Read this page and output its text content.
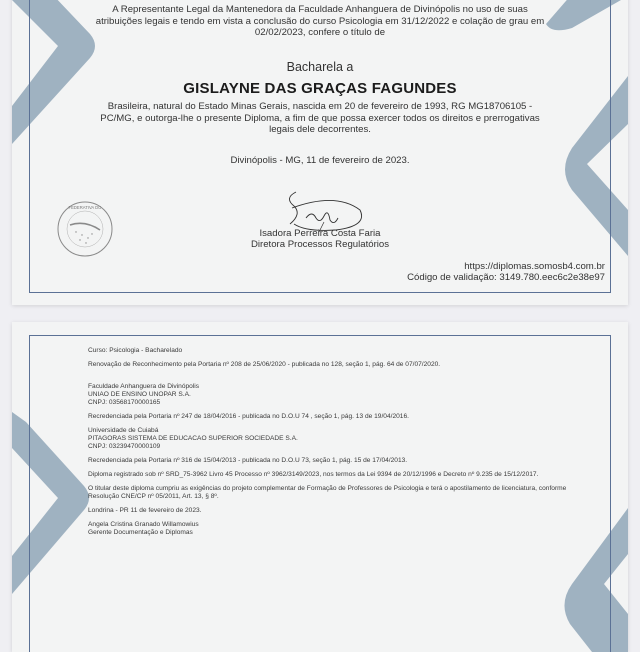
A Representante Legal da Mantenedora da Faculdade Anhanguera de Divinópolis no uso de suas atribuições legais e tendo em vista a conclusão do curso Psicologia em 31/12/2022 e colação de grau em 02/02/2023, confere o título de
Bacharela a
GISLAYNE DAS GRAÇAS FAGUNDES
Brasileira, natural do Estado Minas Gerais, nascida em 20 de fevereiro de 1993, RG MG18706105 - PC/MG, e outorga-lhe o presente Diploma, a fim de que possa exercer todos os direitos e prerrogativas legais dele decorrentes.
Divinópolis - MG, 11 de fevereiro de 2023.
FEDERATIVA DO
Isadora Perreira Costa Faria
Diretora Processos Regulatórios
https://diplomas.somosb4.com.br
Código de validação: 3149.780.eec6c2e38e97

Curso: Psicologia - Bacharelado

Renovação de Reconhecimento pela Portaria nº 208 de 25/06/2020 - publicada no 128, seção 1, pág. 64 de 07/07/2020.

Faculdade Anhanguera de Divinópolis
UNIAO DE ENSINO UNOPAR S.A.
CNPJ: 03568170000165

Recredenciada pela Portaria nº 247 de 18/04/2016 - publicada no D.O.U 74 , seção 1, pág. 13 de 19/04/2016.

Universidade de Cuiabá
PITAGORAS SISTEMA DE EDUCACAO SUPERIOR SOCIEDADE S.A.
CNPJ: 03239470000109

Recredenciada pela Portaria nº 316 de 15/04/2013 - publicada no D.O.U 73, seção 1, pág. 15 de 17/04/2013.

Diploma registrado sob nº SRD_75-3962 Livro 45 Processo nº 3962/3149/2023, nos termos da Lei 9394 de 20/12/1996 e Decreto nº 9.235 de 15/12/2017.

O titular deste diploma cumpriu as exigências do projeto complementar de Formação de Professores de Psicologia e terá o apostilamento de licenciatura, conforme Resolução CNE/CP nº 05/2011, Art. 13, § 8º.

Londrina - PR 11 de fevereiro de 2023.

Angela Cristina Granado Willamowius
Gerente Documentação e Diplomas
